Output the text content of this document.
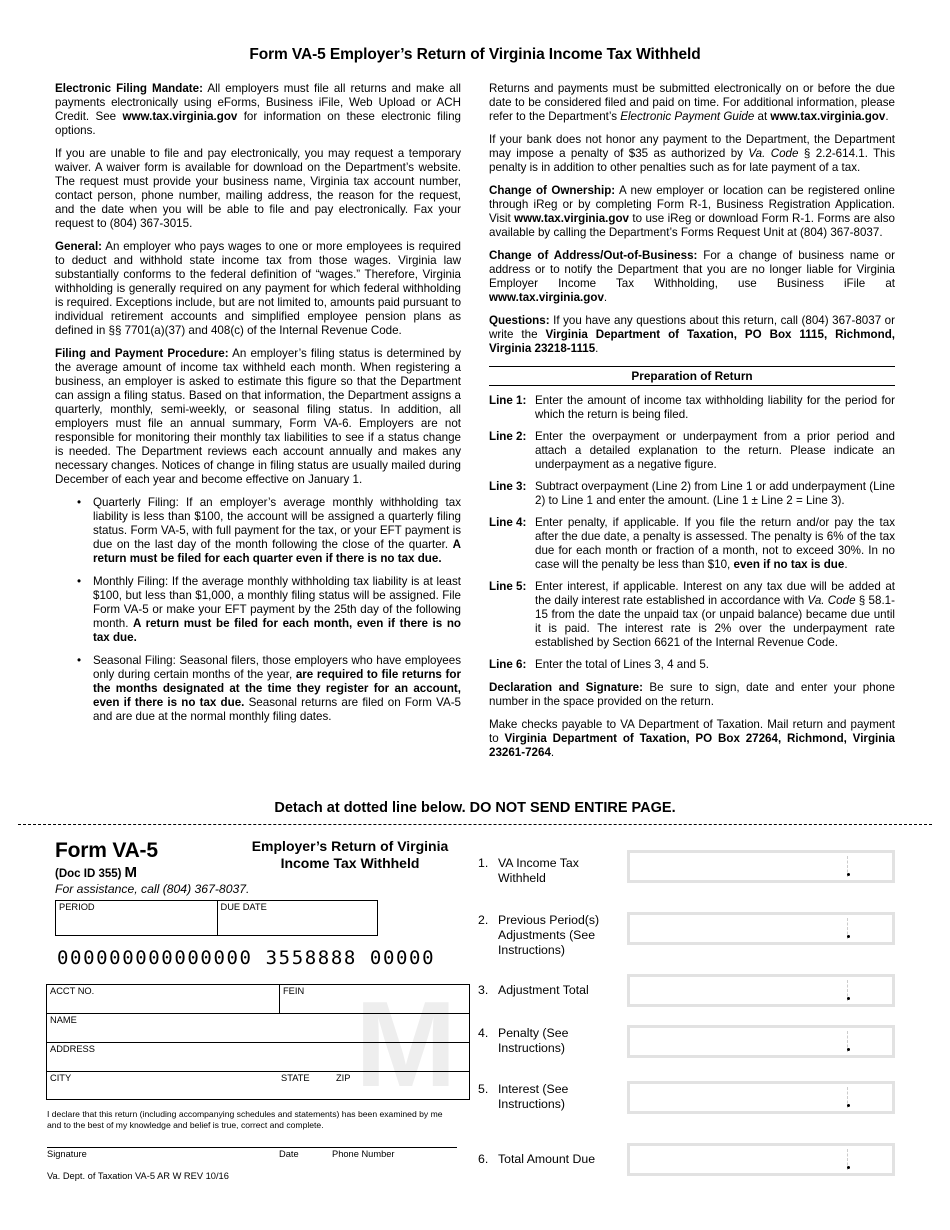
Form VA-5 Employer’s Return of Virginia Income Tax Withheld

Electronic Filing Mandate: All employers must file all returns and make all payments electronically using eForms, Business iFile, Web Upload or ACH Credit. See www.tax.virginia.gov for information on these electronic filing options.

If you are unable to file and pay electronically, you may request a temporary waiver. A waiver form is available for download on the Department’s website. The request must provide your business name, Virginia tax account number, contact person, phone number, mailing address, the reason for the request, and the date when you will be able to file and pay electronically. Fax your request to (804) 367-3015.

General: An employer who pays wages to one or more employees is required to deduct and withhold state income tax from those wages. Virginia law substantially conforms to the federal definition of “wages.” Therefore, Virginia withholding is generally required on any payment for which federal withholding is required. Exceptions include, but are not limited to, amounts paid pursuant to individual retirement accounts and simplified employee pension plans as defined in §§ 7701(a)(37) and 408(c) of the Internal Revenue Code.

Filing and Payment Procedure: An employer’s filing status is determined by the average amount of income tax withheld each month. When registering a business, an employer is asked to estimate this figure so that the Department can assign a filing status. Based on that information, the Department assigns a quarterly, monthly, semi-weekly, or seasonal filing status. In addition, all employers must file an annual summary, Form VA-6. Employers are not responsible for monitoring their monthly tax liabilities to see if a status change is needed. The Department reviews each account annually and makes any necessary changes. Notices of change in filing status are usually mailed during December of each year and become effective on January 1.

• Quarterly Filing: If an employer’s average monthly withholding tax liability is less than $100, the account will be assigned a quarterly filing status. Form VA-5, with full payment for the tax, or your EFT payment is due on the last day of the month following the close of the quarter. A return must be filed for each quarter even if there is no tax due.
• Monthly Filing: If the average monthly withholding tax liability is at least $100, but less than $1,000, a monthly filing status will be assigned. File Form VA-5 or make your EFT payment by the 25th day of the following month. A return must be filed for each month, even if there is no tax due.
• Seasonal Filing: Seasonal filers, those employers who have employees only during certain months of the year, are required to file returns for the months designated at the time they register for an account, even if there is no tax due. Seasonal returns are filed on Form VA-5 and are due at the normal monthly filing dates.

Returns and payments must be submitted electronically on or before the due date to be considered filed and paid on time. For additional information, please refer to the Department’s Electronic Payment Guide at www.tax.virginia.gov.

If your bank does not honor any payment to the Department, the Department may impose a penalty of $35 as authorized by Va. Code § 2.2-614.1. This penalty is in addition to other penalties such as for late payment of a tax.

Change of Ownership: A new employer or location can be registered online through iReg or by completing Form R-1, Business Registration Application. Visit www.tax.virginia.gov to use iReg or download Form R-1. Forms are also available by calling the Department’s Forms Request Unit at (804) 367-8037.

Change of Address/Out-of-Business: For a change of business name or address or to notify the Department that you are no longer liable for Virginia Employer Income Tax Withholding, use Business iFile at www.tax.virginia.gov.

Questions: If you have any questions about this return, call (804) 367-8037 or write the Virginia Department of Taxation, PO Box 1115, Richmond, Virginia 23218-1115.

Preparation of Return
Line 1: Enter the amount of income tax withholding liability for the period for which the return is being filed.
Line 2: Enter the overpayment or underpayment from a prior period and attach a detailed explanation to the return. Please indicate an underpayment as a negative figure.
Line 3: Subtract overpayment (Line 2) from Line 1 or add underpayment (Line 2) to Line 1 and enter the amount. (Line 1 ± Line 2 = Line 3).
Line 4: Enter penalty, if applicable. If you file the return and/or pay the tax after the due date, a penalty is assessed. The penalty is 6% of the tax due for each month or fraction of a month, not to exceed 30%. In no case will the penalty be less than $10, even if no tax is due.
Line 5: Enter interest, if applicable. Interest on any tax due will be added at the daily interest rate established in accordance with Va. Code § 58.1-15 from the date the unpaid tax (or unpaid balance) became due until it is paid. The interest rate is 2% over the underpayment rate established by Section 6621 of the Internal Revenue Code.
Line 6: Enter the total of Lines 3, 4 and 5.

Declaration and Signature: Be sure to sign, date and enter your phone number in the space provided on the return.

Make checks payable to VA Department of Taxation. Mail return and payment to Virginia Department of Taxation, PO Box 27264, Richmond, Virginia 23261-7264.

Detach at dotted line below. DO NOT SEND ENTIRE PAGE.
Form VA-5
(Doc ID 355) M
For assistance, call (804) 367-8037.
Employer’s Return of Virginia Income Tax Withheld
PERIOD	DUE DATE
000000000000000 3558888 00000
M
ACCT NO.	FEIN
NAME
ADDRESS
CITY	STATE	ZIP
I declare that this return (including accompanying schedules and statements) has been examined by me and to the best of my knowledge and belief is true, correct and complete.
Signature	Date	Phone Number
Va. Dept. of Taxation VA-5 AR W REV 10/16
1. VA Income Tax Withheld
2. Previous Period(s) Adjustments (See Instructions)
3. Adjustment Total
4. Penalty (See Instructions)
5. Interest (See Instructions)
6. Total Amount Due
